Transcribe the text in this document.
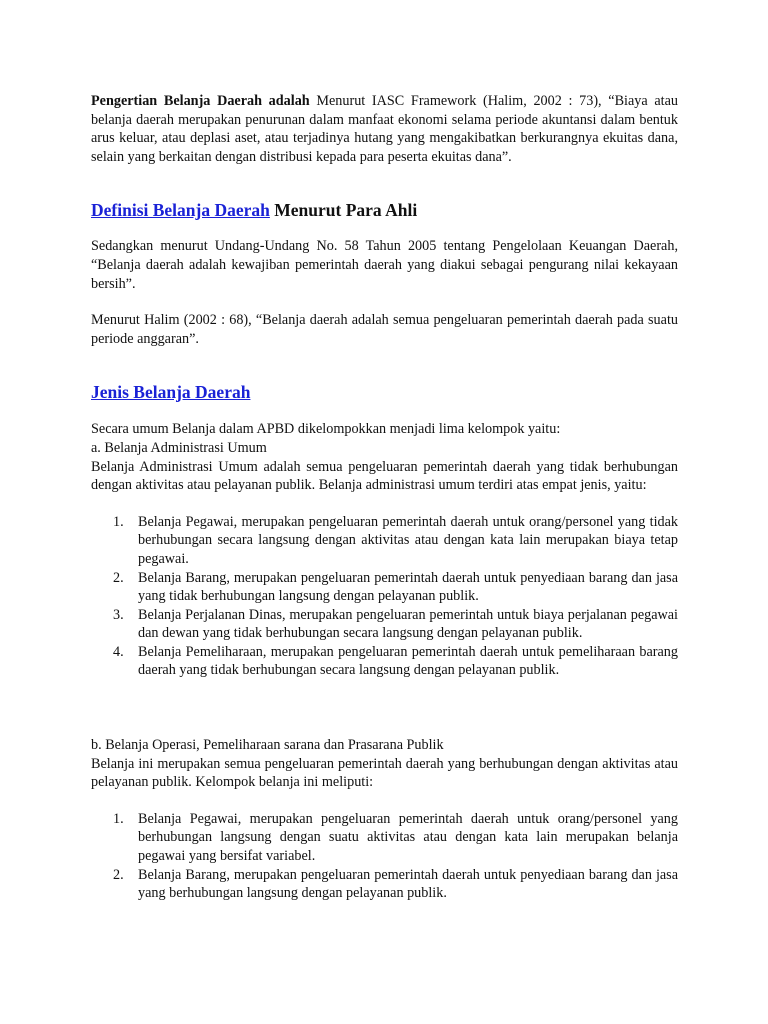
Pengertian Belanja Daerah adalah Menurut IASC Framework (Halim, 2002 : 73), “Biaya atau belanja daerah merupakan penurunan dalam manfaat ekonomi selama periode akuntansi dalam bentuk arus keluar, atau deplasi aset, atau terjadinya hutang yang mengakibatkan berkurangnya ekuitas dana, selain yang berkaitan dengan distribusi kepada para peserta ekuitas dana”.

Definisi Belanja Daerah Menurut Para Ahli

Sedangkan menurut Undang-Undang No. 58 Tahun 2005 tentang Pengelolaan Keuangan Daerah, “Belanja daerah adalah kewajiban pemerintah daerah yang diakui sebagai pengurang nilai kekayaan bersih”.

Menurut Halim (2002 : 68), “Belanja daerah adalah semua pengeluaran pemerintah daerah pada suatu periode anggaran”.

Jenis Belanja Daerah

Secara umum Belanja dalam APBD dikelompokkan menjadi lima kelompok yaitu:

a. Belanja Administrasi Umum

Belanja Administrasi Umum adalah semua pengeluaran pemerintah daerah yang tidak berhubungan dengan aktivitas atau pelayanan publik. Belanja administrasi umum terdiri atas empat jenis, yaitu:

1. Belanja Pegawai, merupakan pengeluaran pemerintah daerah untuk orang/personel yang tidak berhubungan secara langsung dengan aktivitas atau dengan kata lain merupakan biaya tetap pegawai.
2. Belanja Barang, merupakan pengeluaran pemerintah daerah untuk penyediaan barang dan jasa yang tidak berhubungan langsung dengan pelayanan publik.
3. Belanja Perjalanan Dinas, merupakan pengeluaran pemerintah untuk biaya perjalanan pegawai dan dewan yang tidak berhubungan secara langsung dengan pelayanan publik.
4. Belanja Pemeliharaan, merupakan pengeluaran pemerintah daerah untuk pemeliharaan barang daerah yang tidak berhubungan secara langsung dengan pelayanan publik.

b. Belanja Operasi, Pemeliharaan sarana dan Prasarana Publik

Belanja ini merupakan semua pengeluaran pemerintah daerah yang berhubungan dengan aktivitas atau pelayanan publik. Kelompok belanja ini meliputi:

1. Belanja Pegawai, merupakan pengeluaran pemerintah daerah untuk orang/personel yang berhubungan langsung dengan suatu aktivitas atau dengan kata lain merupakan belanja pegawai yang bersifat variabel.
2. Belanja Barang, merupakan pengeluaran pemerintah daerah untuk penyediaan barang dan jasa yang berhubungan langsung dengan pelayanan publik.
